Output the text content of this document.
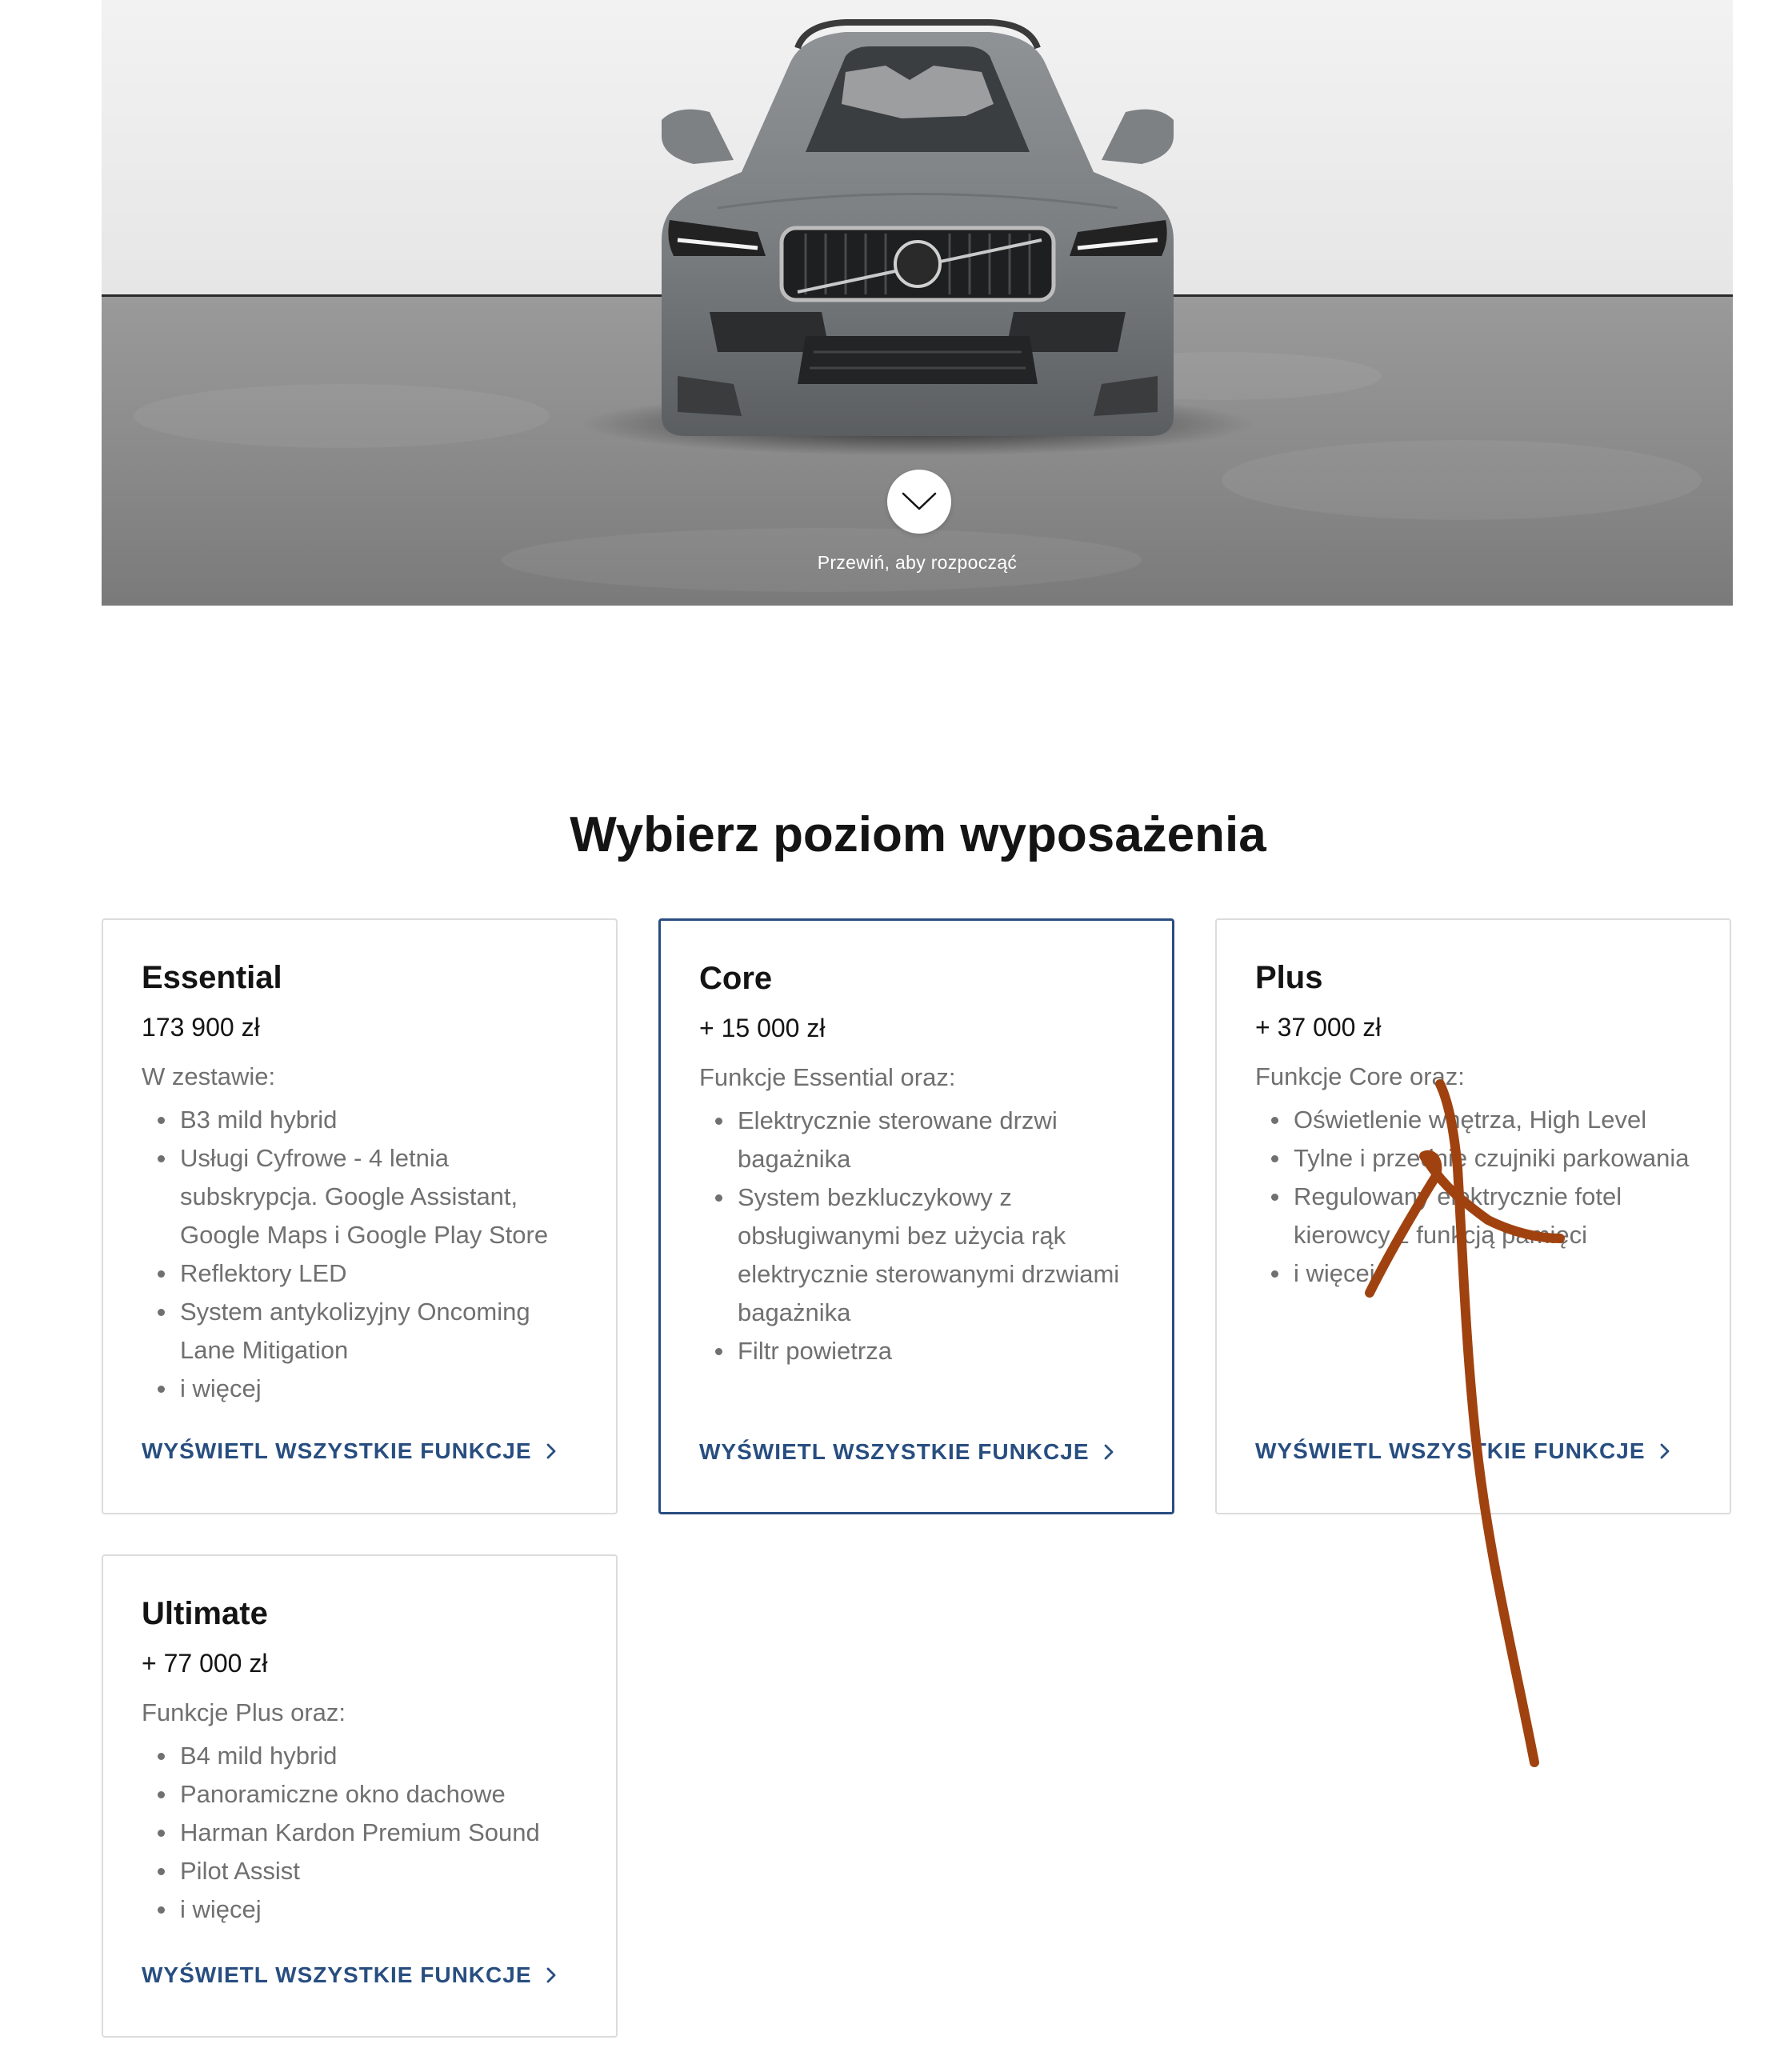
Przewiń, aby rozpocząć
Wybierz poziom wyposażenia
Essential
173 900 zł
W zestawie:
B3 mild hybrid
Usługi Cyfrowe - 4 letnia subskrypcja. Google Assistant, Google Maps i Google Play Store
Reflektory LED
System antykolizyjny Oncoming Lane Mitigation
i więcej
WYŚWIETL WSZYSTKIE FUNKCJE
Core
+ 15 000 zł
Funkcje Essential oraz:
Elektrycznie sterowane drzwi bagażnika
System bezkluczykowy z obsługiwanymi bez użycia rąk elektrycznie sterowanymi drzwiami bagażnika
Filtr powietrza
WYŚWIETL WSZYSTKIE FUNKCJE
Plus
+ 37 000 zł
Funkcje Core oraz:
Oświetlenie wnętrza, High Level
Tylne i przednie czujniki parkowania
Regulowany elektrycznie fotel kierowcy z funkcją pamięci
i więcej
WYŚWIETL WSZYSTKIE FUNKCJE
Ultimate
+ 77 000 zł
Funkcje Plus oraz:
B4 mild hybrid
Panoramiczne okno dachowe
Harman Kardon Premium Sound
Pilot Assist
i więcej
WYŚWIETL WSZYSTKIE FUNKCJE
